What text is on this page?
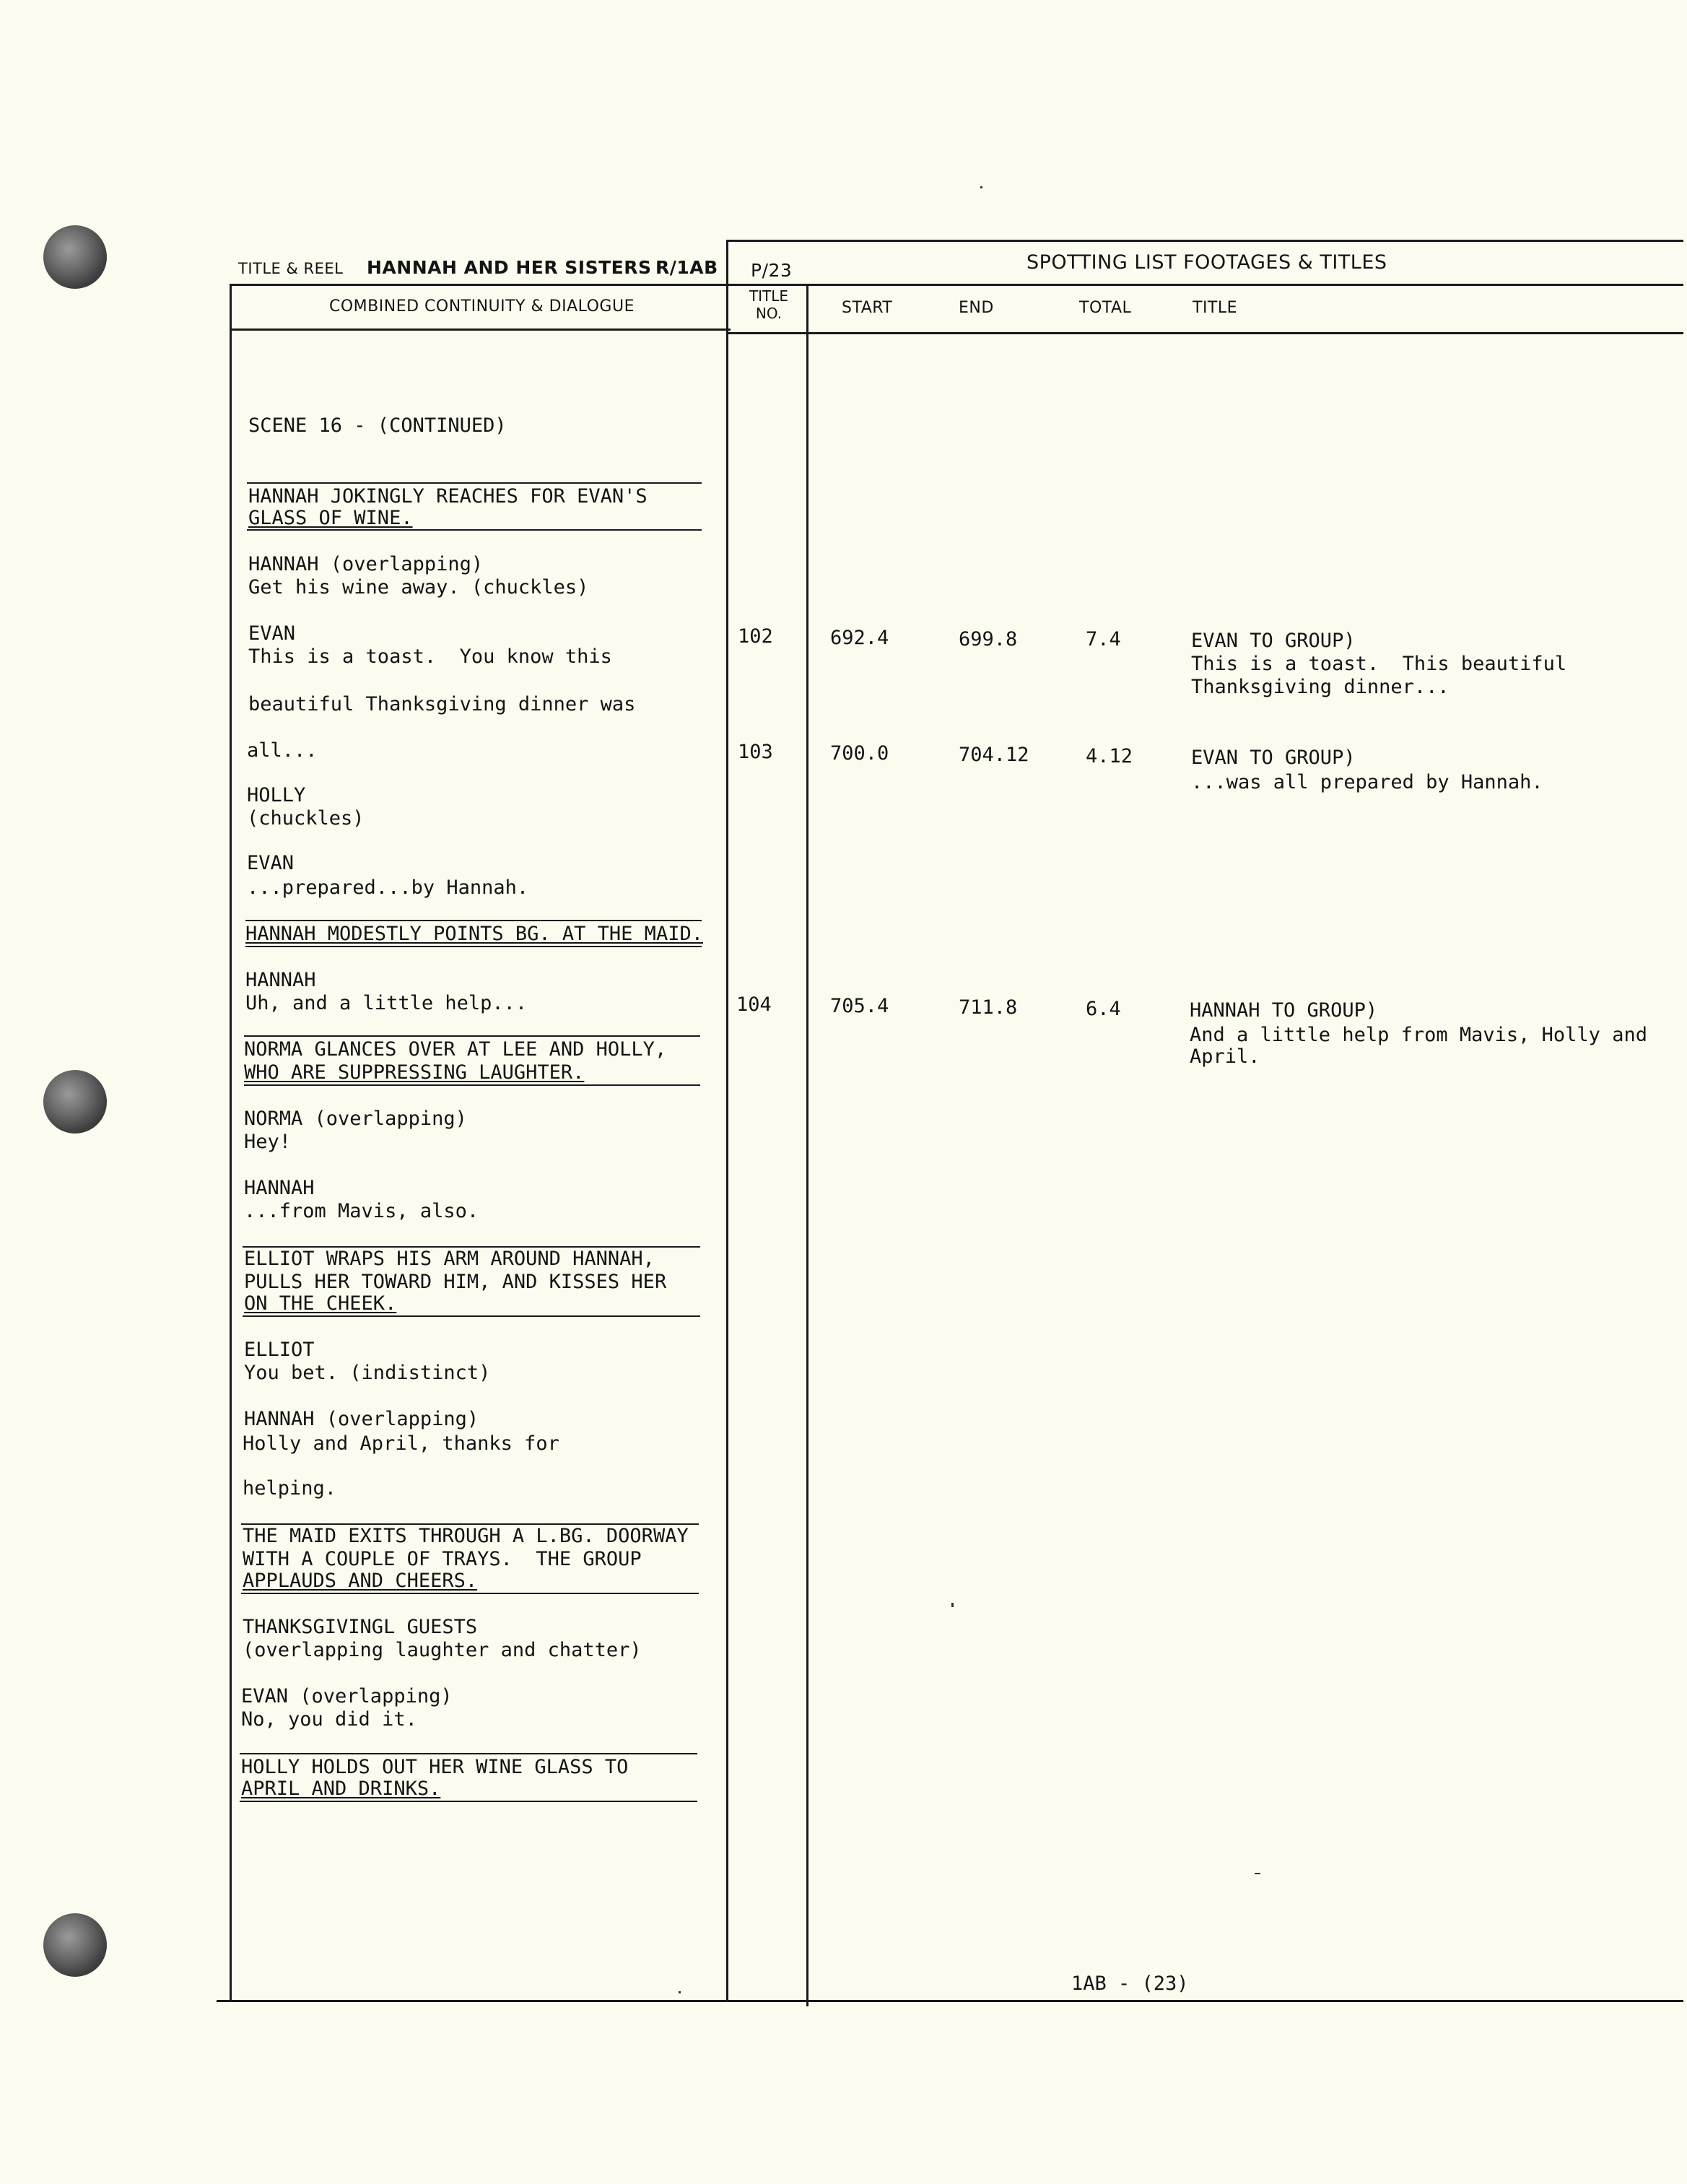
TITLE & REEL HANNAH AND HER SISTERS R/1AB P/23	SPOTTING LIST FOOTAGES & TITLES
COMBINED CONTINUITY & DIALOGUE
TITLE
NO.	START	END	TOTAL	TITLE
SCENE 16 - (CONTINUED)
HANNAH JOKINGLY REACHES FOR EVAN'S
GLASS OF WINE.
HANNAH (overlapping)
Get his wine away. (chuckles)
EVAN
This is a toast.  You know this
beautiful Thanksgiving dinner was
all...
HOLLY
(chuckles)
EVAN
...prepared...by Hannah.
HANNAH MODESTLY POINTS BG. AT THE MAID.
HANNAH
Uh, and a little help...
NORMA GLANCES OVER AT LEE AND HOLLY,
WHO ARE SUPPRESSING LAUGHTER.
NORMA (overlapping)
Hey!
HANNAH
...from Mavis, also.
ELLIOT WRAPS HIS ARM AROUND HANNAH,
PULLS HER TOWARD HIM, AND KISSES HER
ON THE CHEEK.
ELLIOT
You bet. (indistinct)
HANNAH (overlapping)
Holly and April, thanks for
helping.
THE MAID EXITS THROUGH A L.BG. DOORWAY
WITH A COUPLE OF TRAYS.  THE GROUP
APPLAUDS AND CHEERS.
THANKSGIVINGL GUESTS
(overlapping laughter and chatter)
EVAN (overlapping)
No, you did it.
HOLLY HOLDS OUT HER WINE GLASS TO
APRIL AND DRINKS.
102	692.4	699.8	7.4	EVAN TO GROUP)
This is a toast.  This beautiful
Thanksgiving dinner...
103	700.0	704.12	4.12	EVAN TO GROUP)
...was all prepared by Hannah.
104	705.4	711.8	6.4	HANNAH TO GROUP)
And a little help from Mavis, Holly and
April.
1AB - (23)
